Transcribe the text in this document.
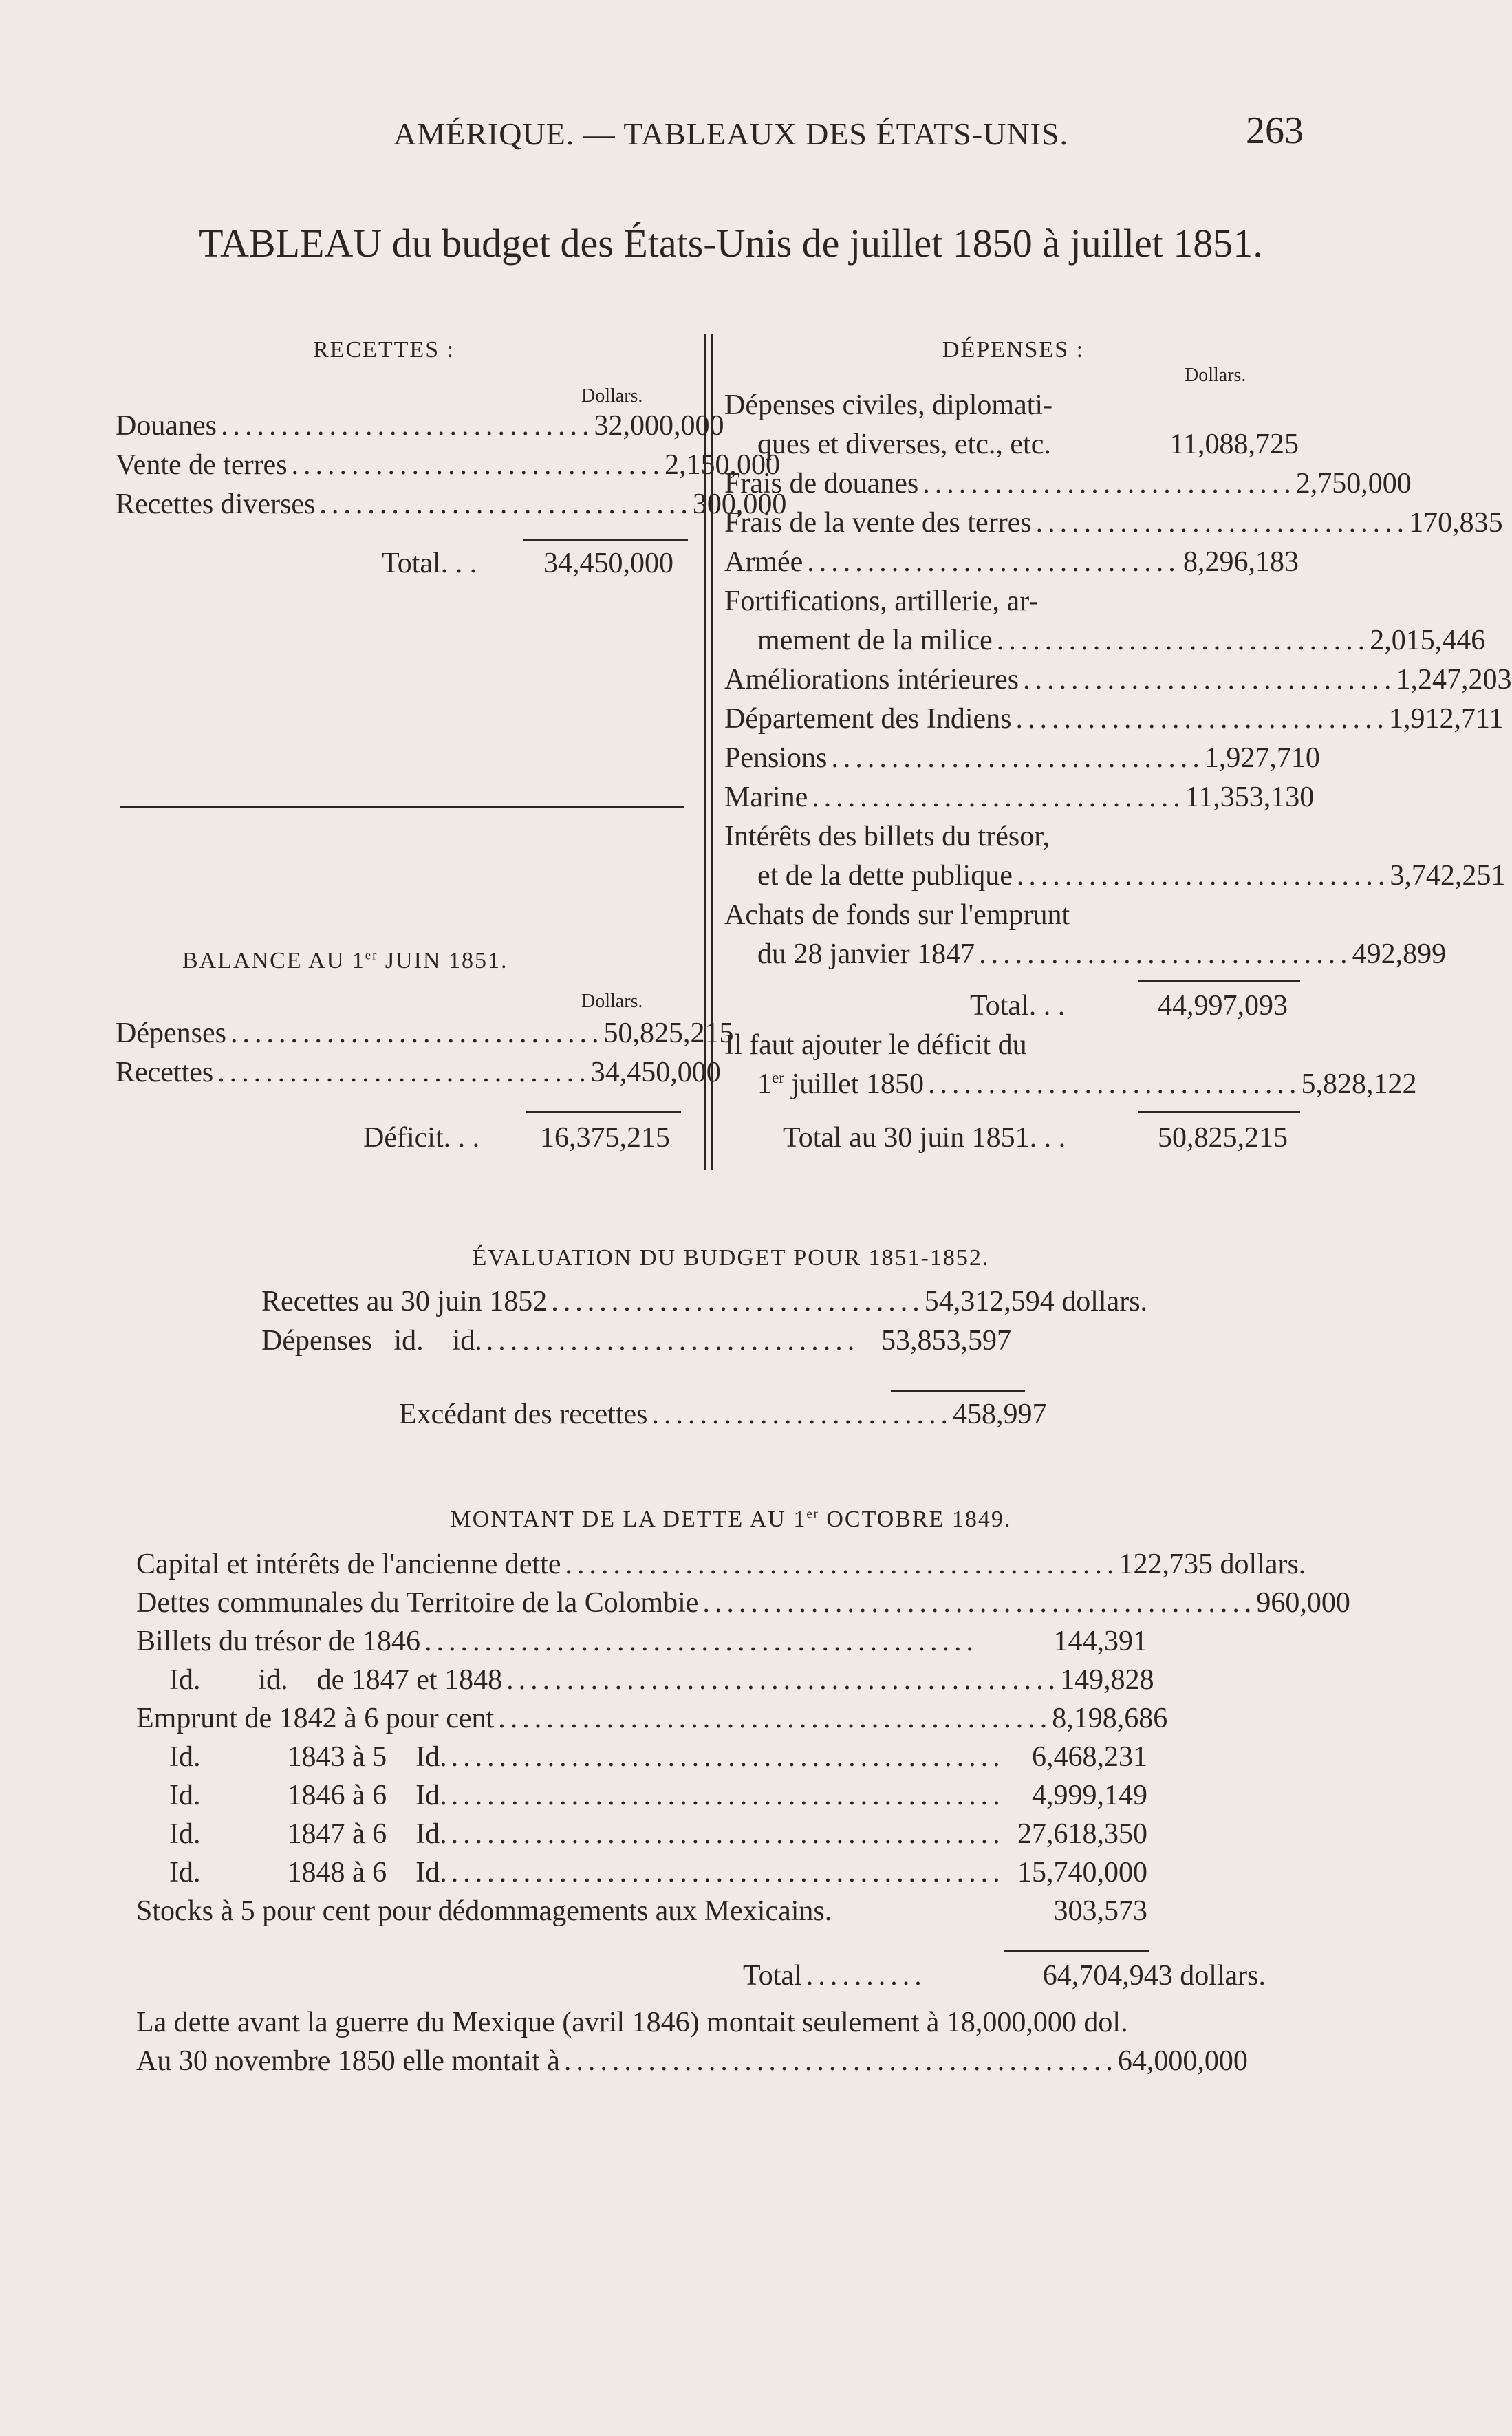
AMÉRIQUE. — TABLEAUX DES ÉTATS-UNIS.	263
TABLEAU du budget des États-Unis de juillet 1850 à juillet 1851.
RECETTES :
Dollars.
Douanes ............................... 32,000,000
Vente de terres ............................... 2,150,000
Recettes diverses ............................... 300,000
Total. . . 34,450,000
BALANCE AU 1er JUIN 1851.
Dollars.
Dépenses ............................... 50,825,215
Recettes ............................... 34,450,000
Déficit. . . 16,375,215
DÉPENSES :
Dollars.
Dépenses civiles, diplomati-
ques et diverses, etc., etc.	11,088,725
Frais de douanes ............................... 2,750,000
Frais de la vente des terres ............................... 170,835
Armée ............................... 8,296,183
Fortifications, artillerie, ar-
mement de la milice ............................... 2,015,446
Améliorations intérieures ............................... 1,247,203
Département des Indiens ............................... 1,912,711
Pensions ............................... 1,927,710
Marine ............................... 11,353,130
Intérêts des billets du trésor,
et de la dette publique ............................... 3,742,251
Achats de fonds sur l'emprunt
du 28 janvier 1847 ............................... 492,899
Total. . .	44,997,093
Il faut ajouter le déficit du
1er juillet 1850 ............................... 5,828,122
Total au 30 juin 1851. . .	50,825,215
ÉVALUATION DU BUDGET POUR 1851-1852.
Recettes au 30 juin 1852 ............................... 54,312,594 dollars.
Dépenses   id.    id. ............................... 53,853,597
Excédant des recettes ......................... 458,997
MONTANT DE LA DETTE AU 1er OCTOBRE 1849.
Capital et intérêts de l'ancienne dette .............................................. 122,735 dollars.
Dettes communales du Territoire de la Colombie .............................................. 960,000
Billets du trésor de 1846 ..............................................	144,391
Id.        id.    de 1847 et 1848 .............................................. 149,828
Emprunt de 1842 à 6 pour cent .............................................. 8,198,686
Id.            1843 à 5    Id. .............................................. 6,468,231
Id.            1846 à 6    Id. .............................................. 4,999,149
Id.            1847 à 6    Id. .............................................. 27,618,350
Id.            1848 à 6    Id. .............................................. 15,740,000
Stocks à 5 pour cent pour dédommagements aux Mexicains.	303,573
Total ..........	64,704,943 dollars.
La dette avant la guerre du Mexique (avril 1846) montait seulement à 18,000,000 dol.
Au 30 novembre 1850 elle montait à .............................................. 64,000,000
